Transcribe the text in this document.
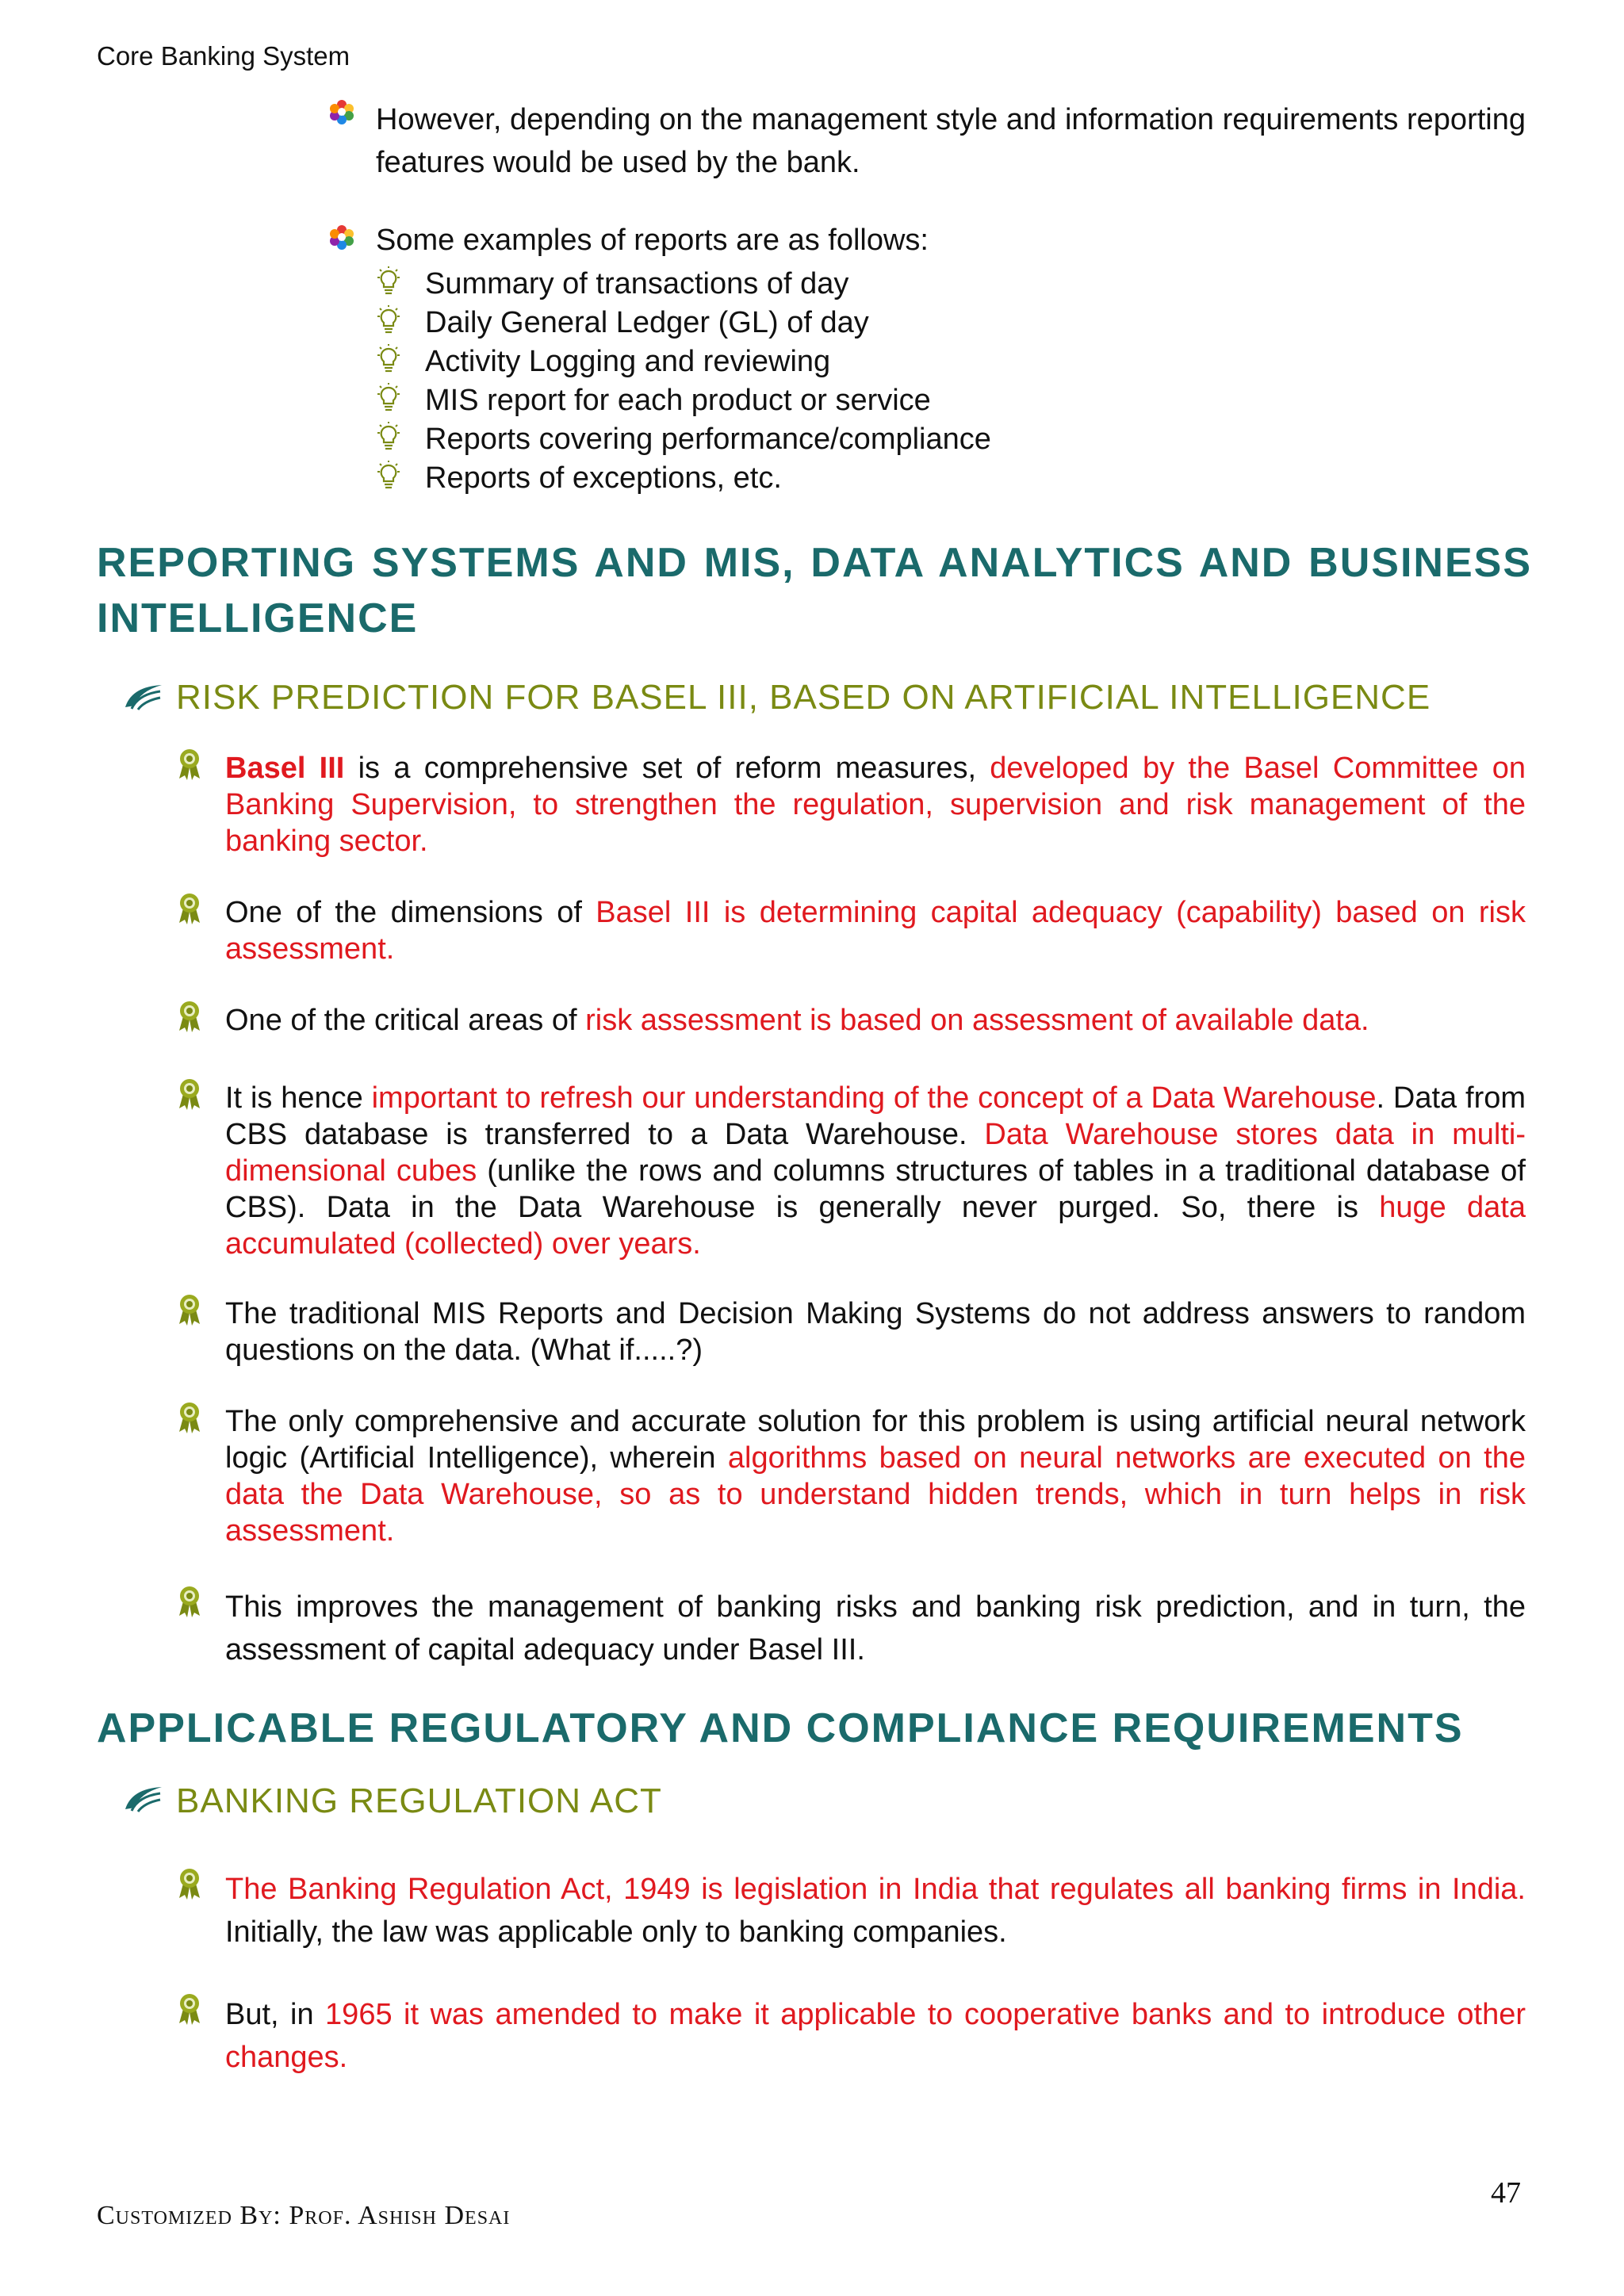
Core Banking System
However, depending on the management style and information requirements reporting features would be used by the bank.
Some examples of reports are as follows:
Summary of transactions of day
Daily General Ledger (GL) of day
Activity Logging and reviewing
MIS report for each product or service
Reports covering performance/compliance
Reports of exceptions, etc.
REPORTING SYSTEMS AND MIS, DATA ANALYTICS AND BUSINESS
INTELLIGENCE
RISK PREDICTION FOR BASEL III, BASED ON ARTIFICIAL INTELLIGENCE
Basel III is a comprehensive set of reform measures, developed by the Basel Committee on Banking Supervision, to strengthen the regulation, supervision and risk management of the banking sector.
One of the dimensions of Basel III is determining capital adequacy (capability) based on risk assessment.
One of the critical areas of risk assessment is based on assessment of available data.
It is hence important to refresh our understanding of the concept of a Data Warehouse. Data from CBS database is transferred to a Data Warehouse. Data Warehouse stores data in multi-dimensional cubes (unlike the rows and columns structures of tables in a traditional database of CBS). Data in the Data Warehouse is generally never purged. So, there is huge data accumulated (collected) over years.
The traditional MIS Reports and Decision Making Systems do not address answers to random questions on the data. (What if.....?)
The only comprehensive and accurate solution for this problem is using artificial neural network logic (Artificial Intelligence), wherein algorithms based on neural networks are executed on the data the Data Warehouse, so as to understand hidden trends, which in turn helps in risk assessment.
This improves the management of banking risks and banking risk prediction, and in turn, the assessment of capital adequacy under Basel III.
APPLICABLE REGULATORY AND COMPLIANCE REQUIREMENTS
BANKING REGULATION ACT
The Banking Regulation Act, 1949 is legislation in India that regulates all banking firms in India. Initially, the law was applicable only to banking companies.
But, in 1965 it was amended to make it applicable to cooperative banks and to introduce other changes.
47
Customized By: Prof. Ashish Desai
